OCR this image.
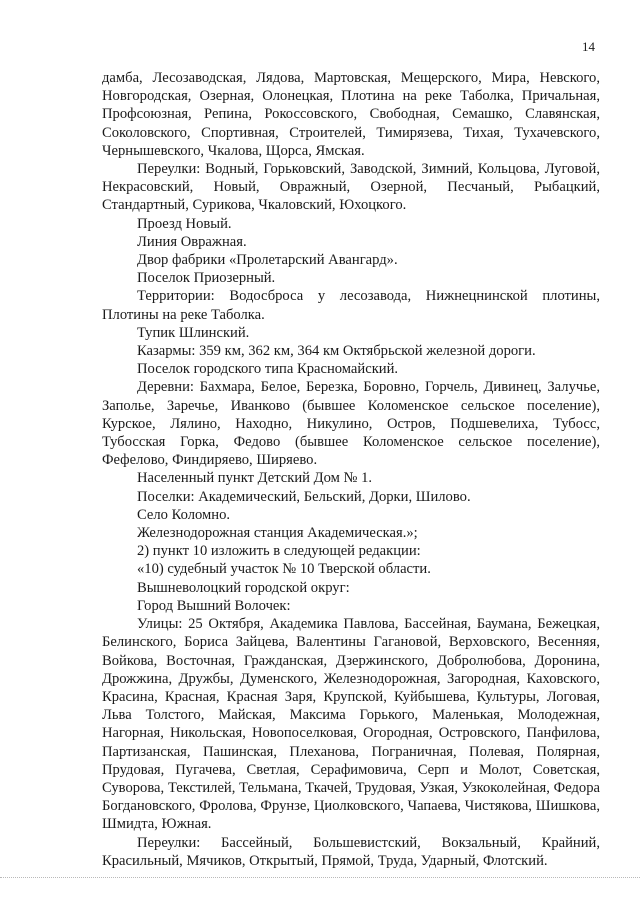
14

дамба, Лесозаводская, Лядова, Мартовская, Мещерского, Мира, Невского, Новгородская, Озерная, Олонецкая, Плотина на реке Таболка, Причальная, Профсоюзная, Репина, Рокоссовского, Свободная, Семашко, Славянская, Соколовского, Спортивная, Строителей, Тимирязева, Тихая, Тухачевского, Чернышевского, Чкалова, Щорса, Ямская.

Переулки: Водный, Горьковский, Заводской, Зимний, Кольцова, Луговой, Некрасовский, Новый, Овражный, Озерной, Песчаный, Рыбацкий, Стандартный, Сурикова, Чкаловский, Юхоцкого.

Проезд Новый.

Линия Овражная.

Двор фабрики «Пролетарский Авангард».

Поселок Приозерный.

Территории: Водосброса у лесозавода, Нижнецнинской плотины, Плотины на реке Таболка.

Тупик Шлинский.

Казармы: 359 км, 362 км, 364 км Октябрьской железной дороги.

Поселок городского типа Красномайский.

Деревни: Бахмара, Белое, Березка, Боровно, Горчель, Дивинец, Залучье, Заполье, Заречье, Иванково (бывшее Коломенское сельское поселение), Курское, Лялино, Находно, Никулино, Остров, Подшевелиха, Тубосс, Тубосская Горка, Федово (бывшее Коломенское сельское поселение), Фефелово, Финдиряево, Ширяево.

Населенный пункт Детский Дом № 1.

Поселки: Академический, Бельский, Дорки, Шилово.

Село Коломно.

Железнодорожная станция Академическая.»;

2) пункт 10 изложить в следующей редакции:

«10) судебный участок № 10 Тверской области.

Вышневолоцкий городской округ:

Город Вышний Волочек:

Улицы: 25 Октября, Академика Павлова, Бассейная, Баумана, Бежецкая, Белинского, Бориса Зайцева, Валентины Гагановой, Верховского, Весенняя, Войкова, Восточная, Гражданская, Дзержинского, Добролюбова, Доронина, Дрожжина, Дружбы, Думенского, Железнодорожная, Загородная, Каховского, Красина, Красная, Красная Заря, Крупской, Куйбышева, Культуры, Логовая, Льва Толстого, Майская, Максима Горького, Маленькая, Молодежная, Нагорная, Никольская, Новопоселковая, Огородная, Островского, Панфилова, Партизанская, Пашинская, Плеханова, Пограничная, Полевая, Полярная, Прудовая, Пугачева, Светлая, Серафимовича, Серп и Молот, Советская, Суворова, Текстилей, Тельмана, Ткачей, Трудовая, Узкая, Узкоколейная, Федора Богдановского, Фролова, Фрунзе, Циолковского, Чапаева, Чистякова, Шишкова, Шмидта, Южная.

Переулки: Бассейный, Большевистский, Вокзальный, Крайний, Красильный, Мячиков, Открытый, Прямой, Труда, Ударный, Флотский.
